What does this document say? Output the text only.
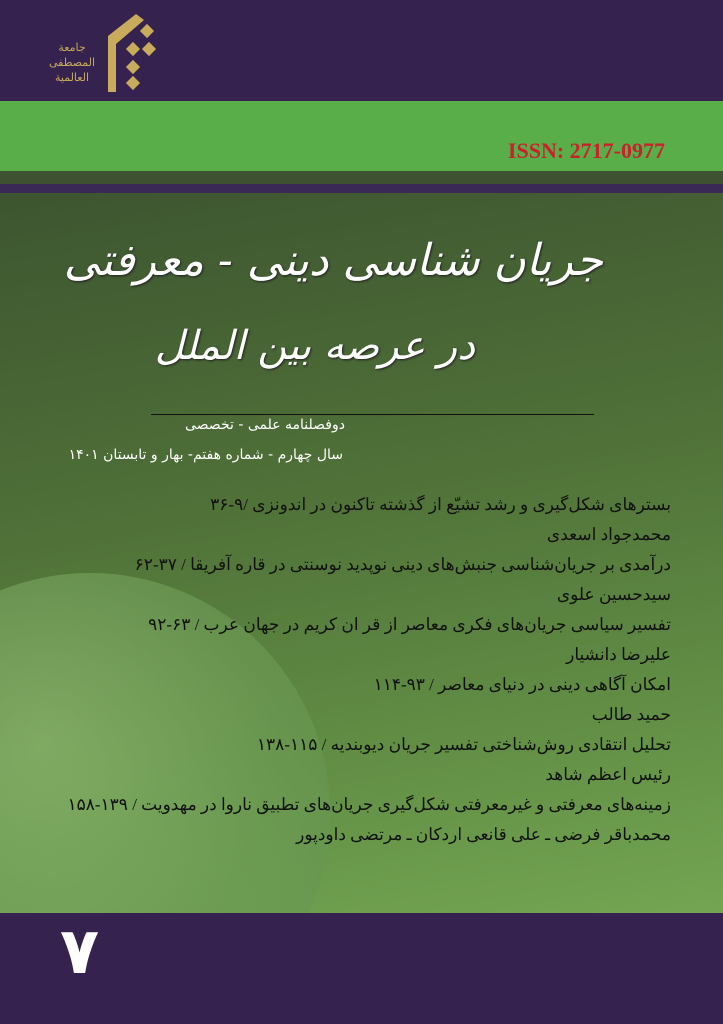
جامعة المصطفى العالمية
ISSN: 2717-0977
جریان شناسی دینی - معرفتی
در عرصه بین الملل
دوفصلنامه علمی - تخصصی
سال چهارم - شماره هفتم- بهار و تابستان ۱۴۰۱
بسترهای شکل‌گیری و رشد تشیّع از گذشته تاکنون در اندونزی /۹-۳۶
محمدجواد اسعدی
درآمدی بر جریان‌شناسی جنبش‌های دینی نوپدید نوسنتی در قاره آفریقا / ۳۷-۶۲
سیدحسین علوی
تفسیر سیاسی جریان‌های فکری معاصر از قر ان کریم در جهان عرب / ۶۳-۹۲
علیرضا دانشیار
امکان آگاهی دینی در دنیای معاصر / ۹۳-۱۱۴
حمید طالب
تحلیل انتقادی روش‌شناختی تفسیر جریان دیوبندیه / ۱۱۵-۱۳۸
رئیس اعظم شاهد
زمینه‌های معرفتی و غیرمعرفتی شکل‌گیری جریان‌های تطبیق ناروا در مهدویت / ۱۳۹-۱۵۸
محمدباقر فرضی ـ علی قانعی اردکان ـ مرتضی داودپور
۷
